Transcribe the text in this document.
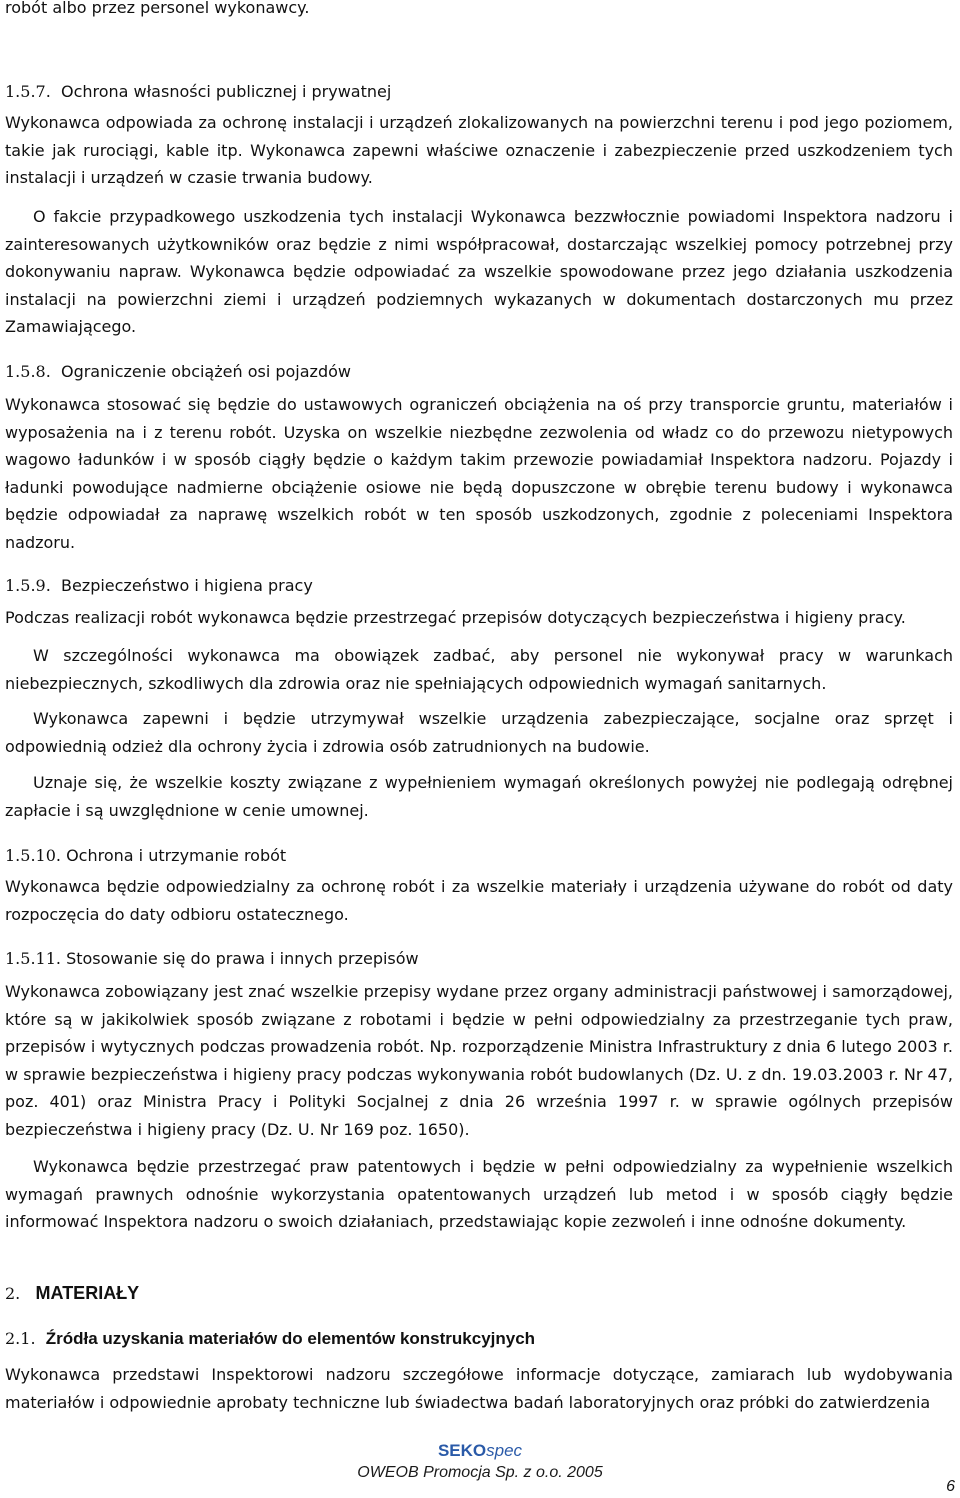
robót albo przez personel wykonawcy.

1.5.7. Ochrona własności publicznej i prywatnej

Wykonawca odpowiada za ochronę instalacji i urządzeń zlokalizowanych na powierzchni terenu i pod jego poziomem, takie jak rurociągi, kable itp. Wykonawca zapewni właściwe oznaczenie i zabezpieczenie przed uszkodzeniem tych instalacji i urządzeń w czasie trwania budowy.

O fakcie przypadkowego uszkodzenia tych instalacji Wykonawca bezzwłocznie powiadomi Inspektora nadzoru i zainteresowanych użytkowników oraz będzie z nimi współpracował, dostarczając wszelkiej pomocy potrzebnej przy dokonywaniu napraw. Wykonawca będzie odpowiadać za wszelkie spowodowane przez jego działania uszkodzenia instalacji na powierzchni ziemi i urządzeń podziemnych wykazanych w dokumentach dostarczonych mu przez Zamawiającego.

1.5.8. Ograniczenie obciążeń osi pojazdów

Wykonawca stosować się będzie do ustawowych ograniczeń obciążenia na oś przy transporcie gruntu, materiałów i wyposażenia na i z terenu robót. Uzyska on wszelkie niezbędne zezwolenia od władz co do przewozu nietypowych wagowo ładunków i w sposób ciągły będzie o każdym takim przewozie powiadamiał Inspektora nadzoru. Pojazdy i ładunki powodujące nadmierne obciążenie osiowe nie będą dopuszczone w obrębie terenu budowy i wykonawca będzie odpowiadał za naprawę wszelkich robót w ten sposób uszkodzonych, zgodnie z poleceniami Inspektora nadzoru.

1.5.9. Bezpieczeństwo i higiena pracy

Podczas realizacji robót wykonawca będzie przestrzegać przepisów dotyczących bezpieczeństwa i higieny pracy.

W szczególności wykonawca ma obowiązek zadbać, aby personel nie wykonywał pracy w warunkach niebezpiecznych, szkodliwych dla zdrowia oraz nie spełniających odpowiednich wymagań sanitarnych.

Wykonawca zapewni i będzie utrzymywał wszelkie urządzenia zabezpieczające, socjalne oraz sprzęt i odpowiednią odzież dla ochrony życia i zdrowia osób zatrudnionych na budowie.

Uznaje się, że wszelkie koszty związane z wypełnieniem wymagań określonych powyżej nie podlegają odrębnej zapłacie i są uwzględnione w cenie umownej.

1.5.10. Ochrona i utrzymanie robót

Wykonawca będzie odpowiedzialny za ochronę robót i za wszelkie materiały i urządzenia używane do robót od daty rozpoczęcia do daty odbioru ostatecznego.

1.5.11. Stosowanie się do prawa i innych przepisów

Wykonawca zobowiązany jest znać wszelkie przepisy wydane przez organy administracji państwowej i samorządowej, które są w jakikolwiek sposób związane z robotami i będzie w pełni odpowiedzialny za przestrzeganie tych praw, przepisów i wytycznych podczas prowadzenia robót. Np. rozporządzenie Ministra Infrastruktury z dnia 6 lutego 2003 r. w sprawie bezpieczeństwa i higieny pracy podczas wykonywania robót budowlanych (Dz. U. z dn. 19.03.2003 r. Nr 47, poz. 401) oraz Ministra Pracy i Polityki Socjalnej z dnia 26 września 1997 r. w sprawie ogólnych przepisów bezpieczeństwa i higieny pracy (Dz. U. Nr 169 poz. 1650).

Wykonawca będzie przestrzegać praw patentowych i będzie w pełni odpowiedzialny za wypełnienie wszelkich wymagań prawnych odnośnie wykorzystania opatentowanych urządzeń lub metod i w sposób ciągły będzie informować Inspektora nadzoru o swoich działaniach, przedstawiając kopie zezwoleń i inne odnośne dokumenty.

2. MATERIAŁY

2.1. Źródła uzyskania materiałów do elementów konstrukcyjnych

Wykonawca przedstawi Inspektorowi nadzoru szczegółowe informacje dotyczące, zamiarach lub wydobywania materiałów i odpowiednie aprobaty techniczne lub świadectwa badań laboratoryjnych oraz próbki do zatwierdzenia

SEKOspec
OWEOB Promocja Sp. z o.o. 2005
6
